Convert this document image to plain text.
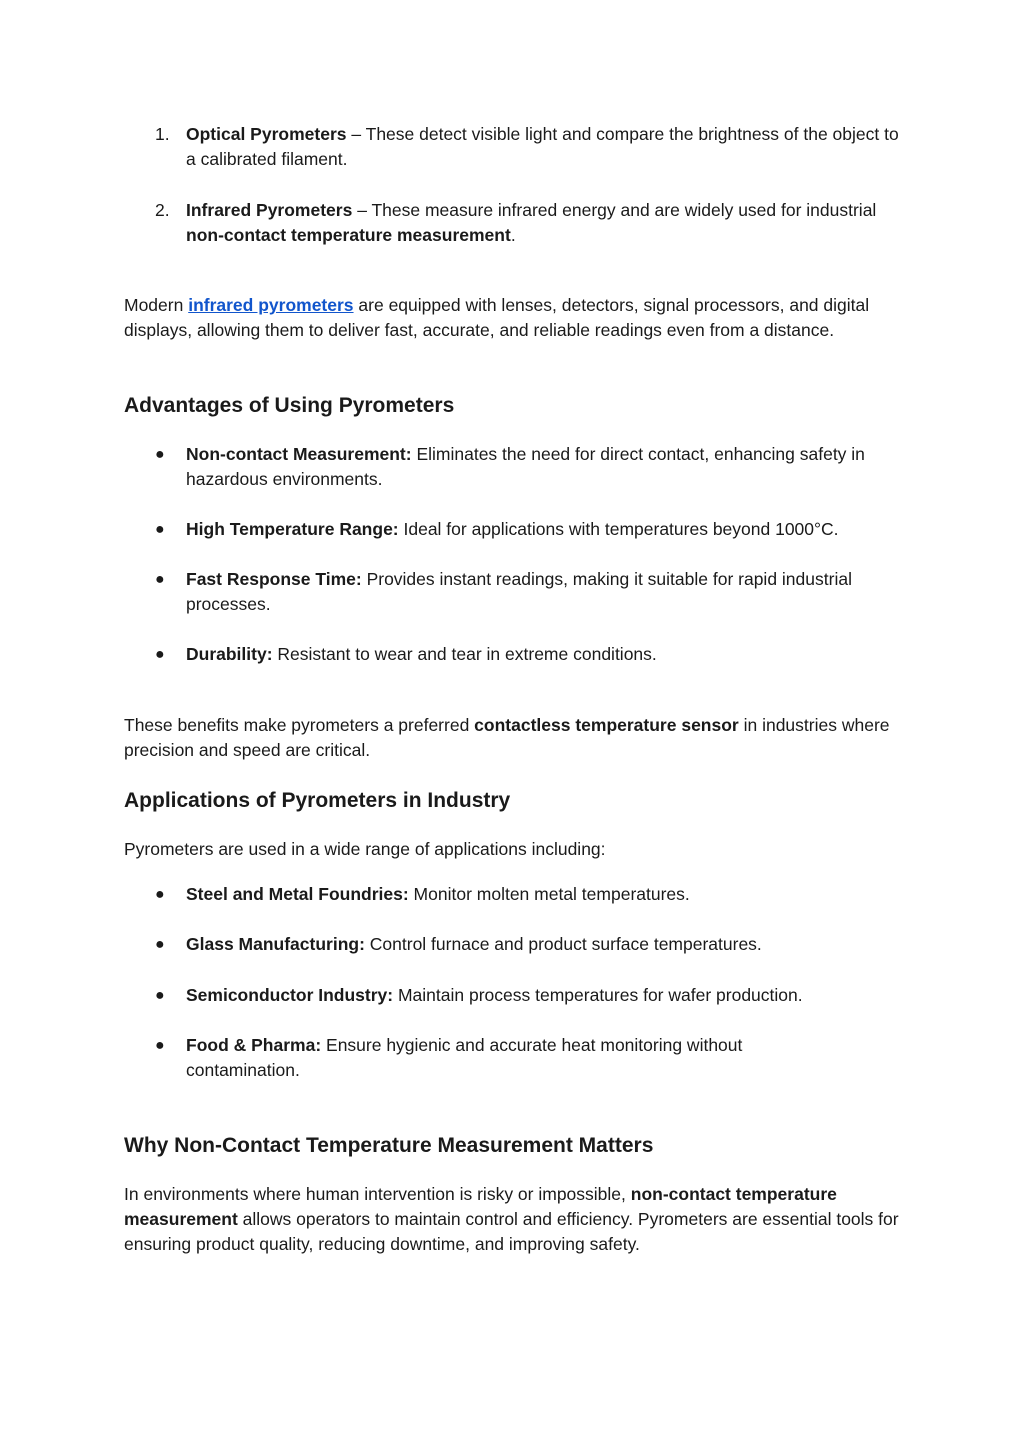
1. Optical Pyrometers – These detect visible light and compare the brightness of the object to a calibrated filament.
2. Infrared Pyrometers – These measure infrared energy and are widely used for industrial non-contact temperature measurement.
Modern infrared pyrometers are equipped with lenses, detectors, signal processors, and digital displays, allowing them to deliver fast, accurate, and reliable readings even from a distance.
Advantages of Using Pyrometers
● Non-contact Measurement: Eliminates the need for direct contact, enhancing safety in hazardous environments.
● High Temperature Range: Ideal for applications with temperatures beyond 1000°C.
● Fast Response Time: Provides instant readings, making it suitable for rapid industrial processes.
● Durability: Resistant to wear and tear in extreme conditions.
These benefits make pyrometers a preferred contactless temperature sensor in industries where precision and speed are critical.
Applications of Pyrometers in Industry
Pyrometers are used in a wide range of applications including:
● Steel and Metal Foundries: Monitor molten metal temperatures.
● Glass Manufacturing: Control furnace and product surface temperatures.
● Semiconductor Industry: Maintain process temperatures for wafer production.
● Food & Pharma: Ensure hygienic and accurate heat monitoring without contamination.
Why Non-Contact Temperature Measurement Matters
In environments where human intervention is risky or impossible, non-contact temperature measurement allows operators to maintain control and efficiency. Pyrometers are essential tools for ensuring product quality, reducing downtime, and improving safety.
